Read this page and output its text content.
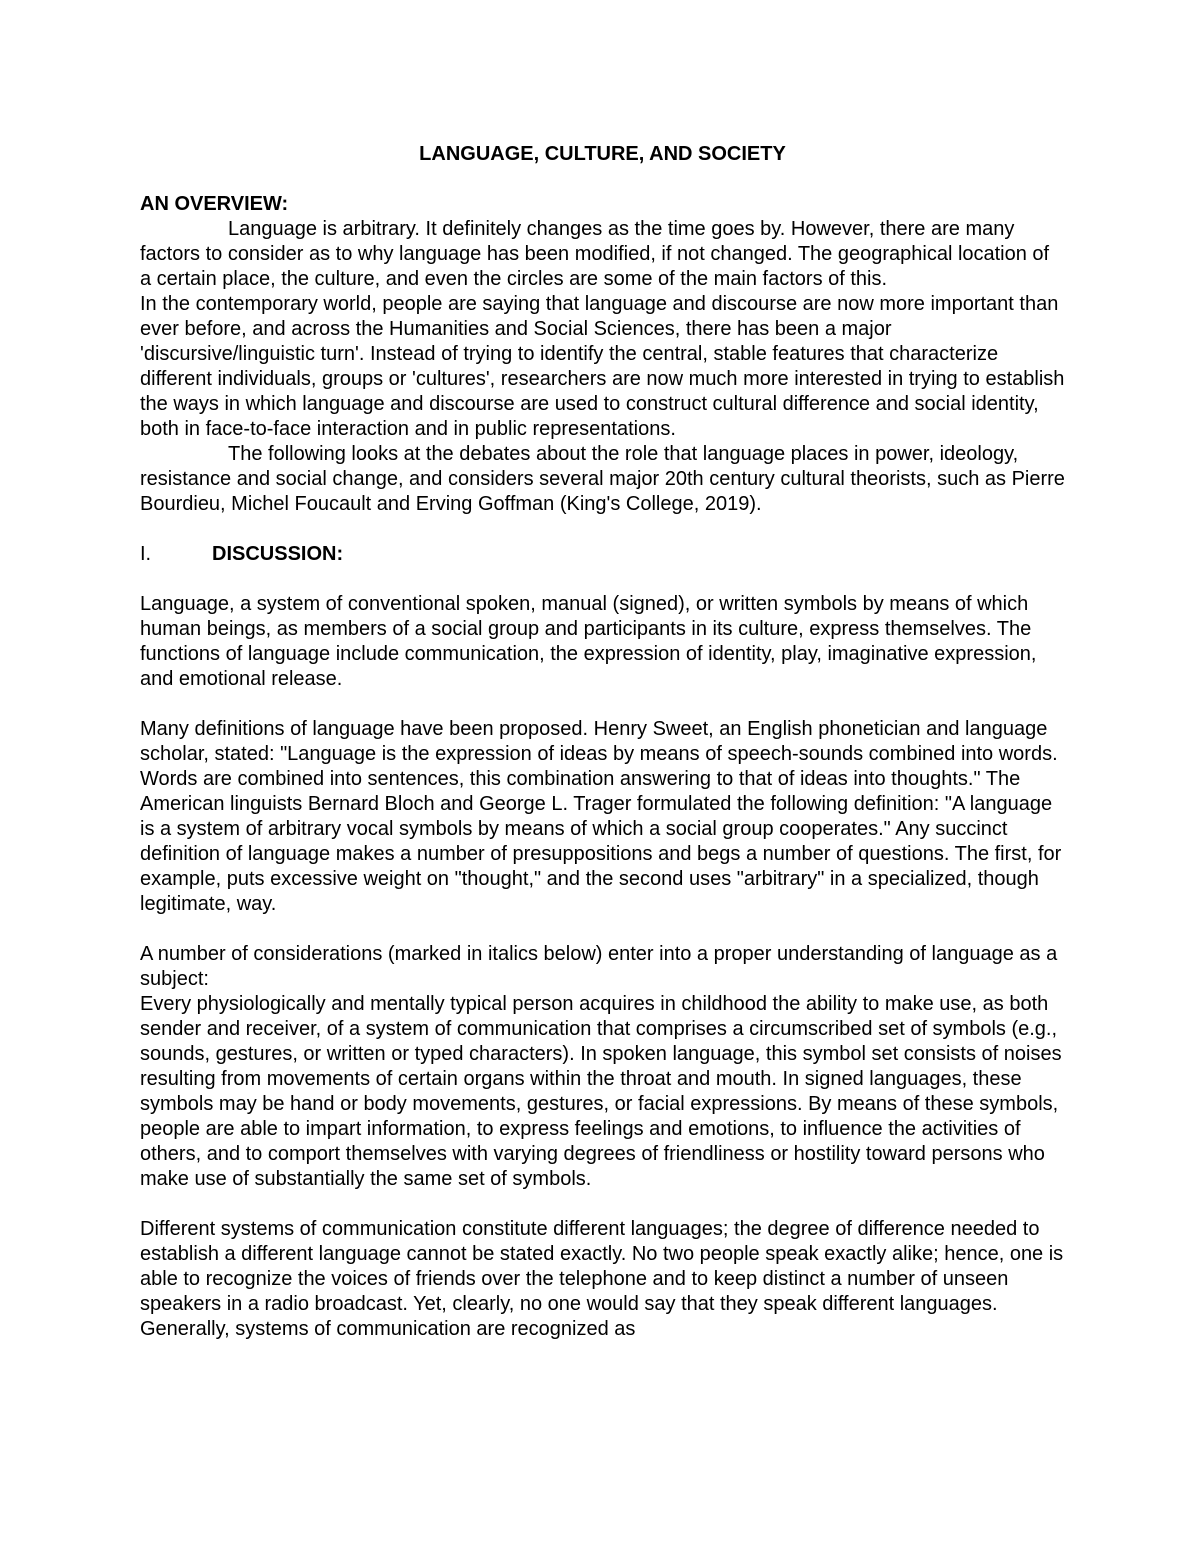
LANGUAGE, CULTURE, AND SOCIETY
AN OVERVIEW:

Language is arbitrary. It definitely changes as the time goes by. However, there are many factors to consider as to why language has been modified, if not changed. The geographical location of a certain place, the culture, and even the circles are some of the main factors of this.

In the contemporary world, people are saying that language and discourse are now more important than ever before, and across the Humanities and Social Sciences, there has been a major 'discursive/linguistic turn'. Instead of trying to identify the central, stable features that characterize different individuals, groups or 'cultures', researchers are now much more interested in trying to establish the ways in which language and discourse are used to construct cultural difference and social identity, both in face-to-face interaction and in public representations.

The following looks at the debates about the role that language places in power, ideology, resistance and social change, and considers several major 20th century cultural theorists, such as Pierre Bourdieu, Michel Foucault and Erving Goffman (King's College, 2019).

I.	DISCUSSION:

Language, a system of conventional spoken, manual (signed), or written symbols by means of which human beings, as members of a social group and participants in its culture, express themselves. The functions of language include communication, the expression of identity, play, imaginative expression, and emotional release.

Many definitions of language have been proposed. Henry Sweet, an English phonetician and language scholar, stated: "Language is the expression of ideas by means of speech-sounds combined into words. Words are combined into sentences, this combination answering to that of ideas into thoughts." The American linguists Bernard Bloch and George L. Trager formulated the following definition: "A language is a system of arbitrary vocal symbols by means of which a social group cooperates." Any succinct definition of language makes a number of presuppositions and begs a number of questions. The first, for example, puts excessive weight on "thought," and the second uses "arbitrary" in a specialized, though legitimate, way.

A number of considerations (marked in italics below) enter into a proper understanding of language as a subject:

Every physiologically and mentally typical person acquires in childhood the ability to make use, as both sender and receiver, of a system of communication that comprises a circumscribed set of symbols (e.g., sounds, gestures, or written or typed characters). In spoken language, this symbol set consists of noises resulting from movements of certain organs within the throat and mouth. In signed languages, these symbols may be hand or body movements, gestures, or facial expressions. By means of these symbols, people are able to impart information, to express feelings and emotions, to influence the activities of others, and to comport themselves with varying degrees of friendliness or hostility toward persons who make use of substantially the same set of symbols.

Different systems of communication constitute different languages; the degree of difference needed to establish a different language cannot be stated exactly. No two people speak exactly alike; hence, one is able to recognize the voices of friends over the telephone and to keep distinct a number of unseen speakers in a radio broadcast. Yet, clearly, no one would say that they speak different languages. Generally, systems of communication are recognized as
